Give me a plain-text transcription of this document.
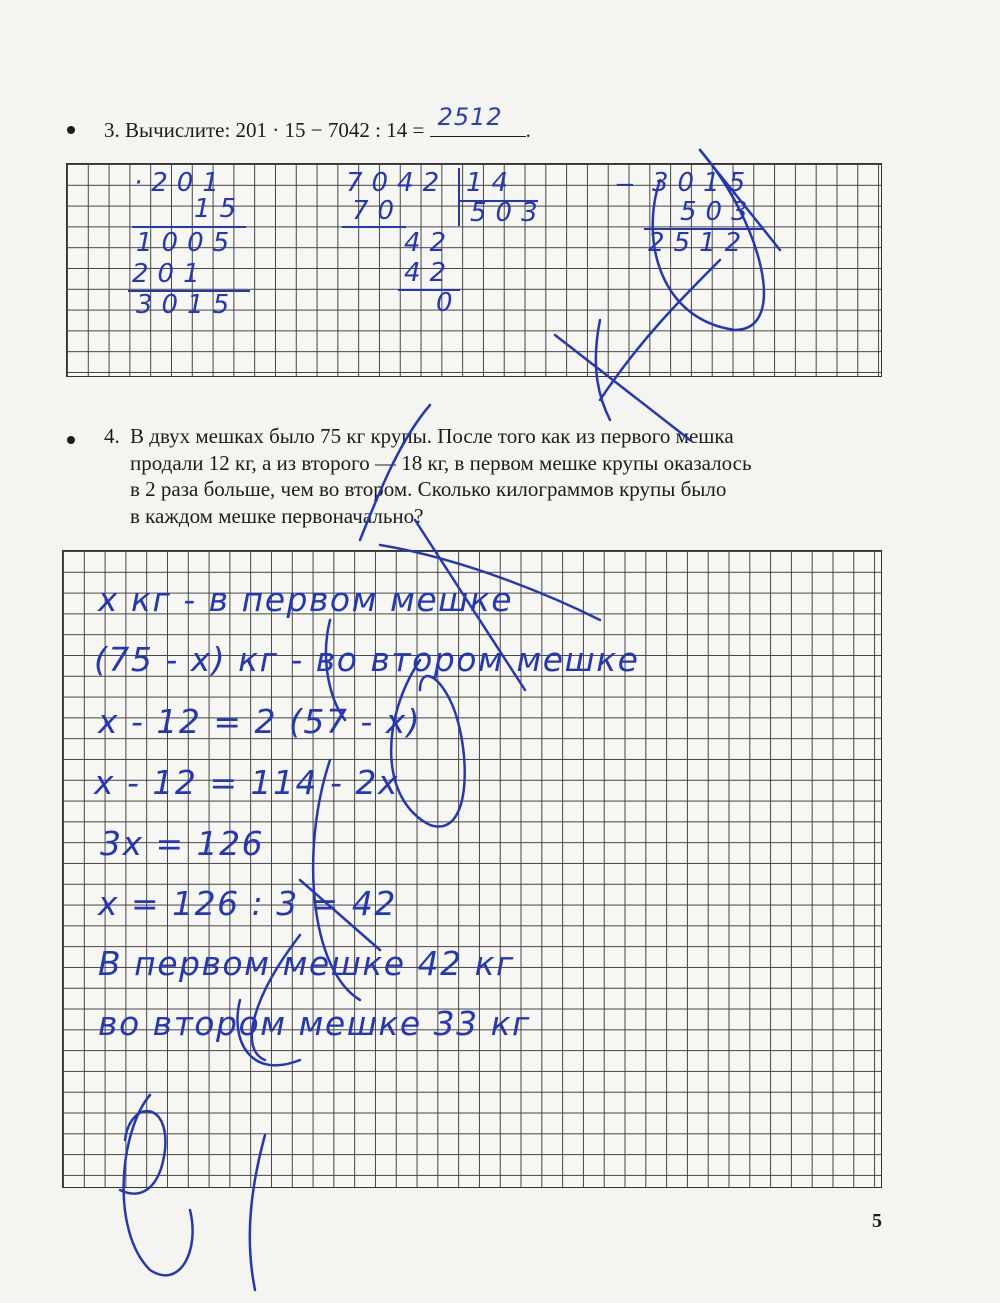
3. Вычислите: 201 · 15 − 7042 : 14 = 2512 .
·201
15
1005
201
3015
7042 14
503
70
42
42
0
− 3015
503
2512
4. В двух мешках было 75 кг крупы. После того как из первого мешка
продали 12 кг, а из второго — 18 кг, в первом мешке крупы оказалось
в 2 раза больше, чем во втором. Сколько килограммов крупы было
в каждом мешке первоначально?
x кг - в первом мешке
(75 - x) кг - во втором мешке
x - 12 = 2 (57 - x)
x - 12 = 114 - 2x
3x = 126
x = 126 : 3 = 42
В первом мешке 42 кг
во втором мешке 33 кг
5
